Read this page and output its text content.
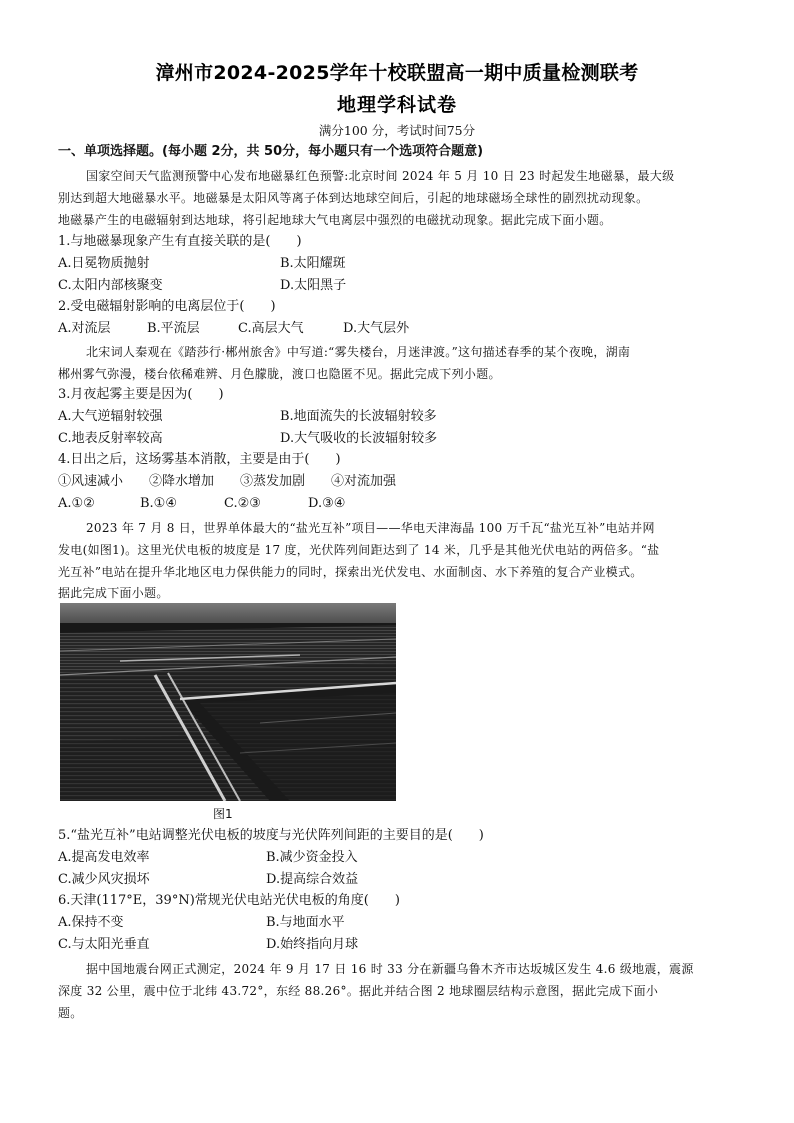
漳州市2024-2025学年十校联盟高一期中质量检测联考
地理学科试卷
满分100 分，考试时间75分
一、单项选择题。(每小题 2分，共 50分，每小题只有一个选项符合题意)
国家空间天气监测预警中心发布地磁暴红色预警:北京时间 2024 年 5 月 10 日 23 时起发生地磁暴，最大级
别达到超大地磁暴水平。地磁暴是太阳风等离子体到达地球空间后，引起的地球磁场全球性的剧烈扰动现象。
地磁暴产生的电磁辐射到达地球，将引起地球大气电离层中强烈的电磁扰动现象。据此完成下面小题。
1.与地磁暴现象产生有直接关联的是(　　)
A.日冕物质抛射	B.太阳耀斑
C.太阳内部核聚变	D.太阳黑子
2.受电磁辐射影响的电离层位于(　　)
A.对流层	B.平流层	C.高层大气	D.大气层外
北宋词人秦观在《踏莎行·郴州旅舍》中写道:“雾失楼台，月迷津渡。”这句描述春季的某个夜晚，湖南
郴州雾气弥漫，楼台依稀难辨、月色朦胧，渡口也隐匿不见。据此完成下列小题。
3.月夜起雾主要是因为(　　)
A.大气逆辐射较强	B.地面流失的长波辐射较多
C.地表反射率较高	D.大气吸收的长波辐射较多
4.日出之后，这场雾基本消散，主要是由于(　　)
①风速减小　　②降水增加　　③蒸发加剧　　④对流加强
A.①②	B.①④	C.②③	D.③④
2023 年 7 月 8 日，世界单体最大的“盐光互补”项目——华电天津海晶 100 万千瓦“盐光互补”电站并网
发电(如图1)。这里光伏电板的坡度是 17 度，光伏阵列间距达到了 14 米，几乎是其他光伏电站的两倍多。“盐
光互补”电站在提升华北地区电力保供能力的同时，探索出光伏发电、水面制卤、水下养殖的复合产业模式。
据此完成下面小题。
图1
5.“盐光互补”电站调整光伏电板的坡度与光伏阵列间距的主要目的是(　　)
A.提高发电效率	B.减少资金投入
C.减少风灾损坏	D.提高综合效益
6.天津(117°E，39°N)常规光伏电站光伏电板的角度(　　)
A.保持不变	B.与地面水平
C.与太阳光垂直	D.始终指向月球
据中国地震台网正式测定，2024 年 9 月 17 日 16 时 33 分在新疆乌鲁木齐市达坂城区发生 4.6 级地震，震源
深度 32 公里，震中位于北纬 43.72°，东经 88.26°。据此并结合图 2 地球圈层结构示意图，据此完成下面小
题。
